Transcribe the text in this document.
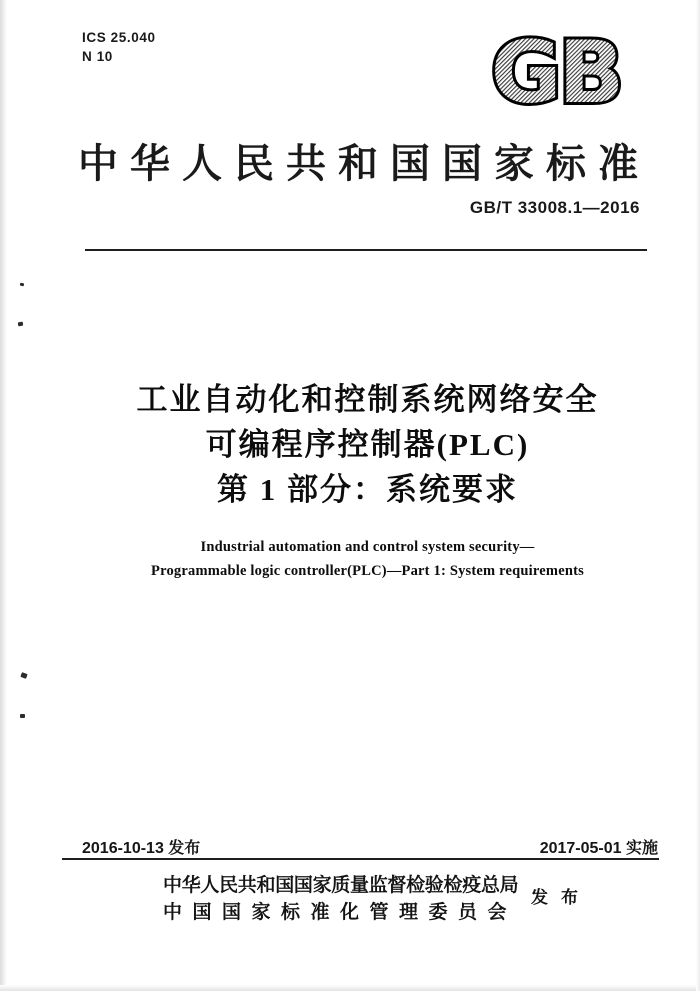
ICS 25.040
N 10	GB
中华人民共和国国家标准
GB/T 33008.1—2016
工业自动化和控制系统网络安全
可编程序控制器(PLC)
第 1 部分：系统要求
Industrial automation and control system security—
Programmable logic controller(PLC)—Part 1: System requirements
2016-10-13 发布	2017-05-01 实施
中华人民共和国国家质量监督检验检疫总局
中国国家标准化管理委员会
发布
